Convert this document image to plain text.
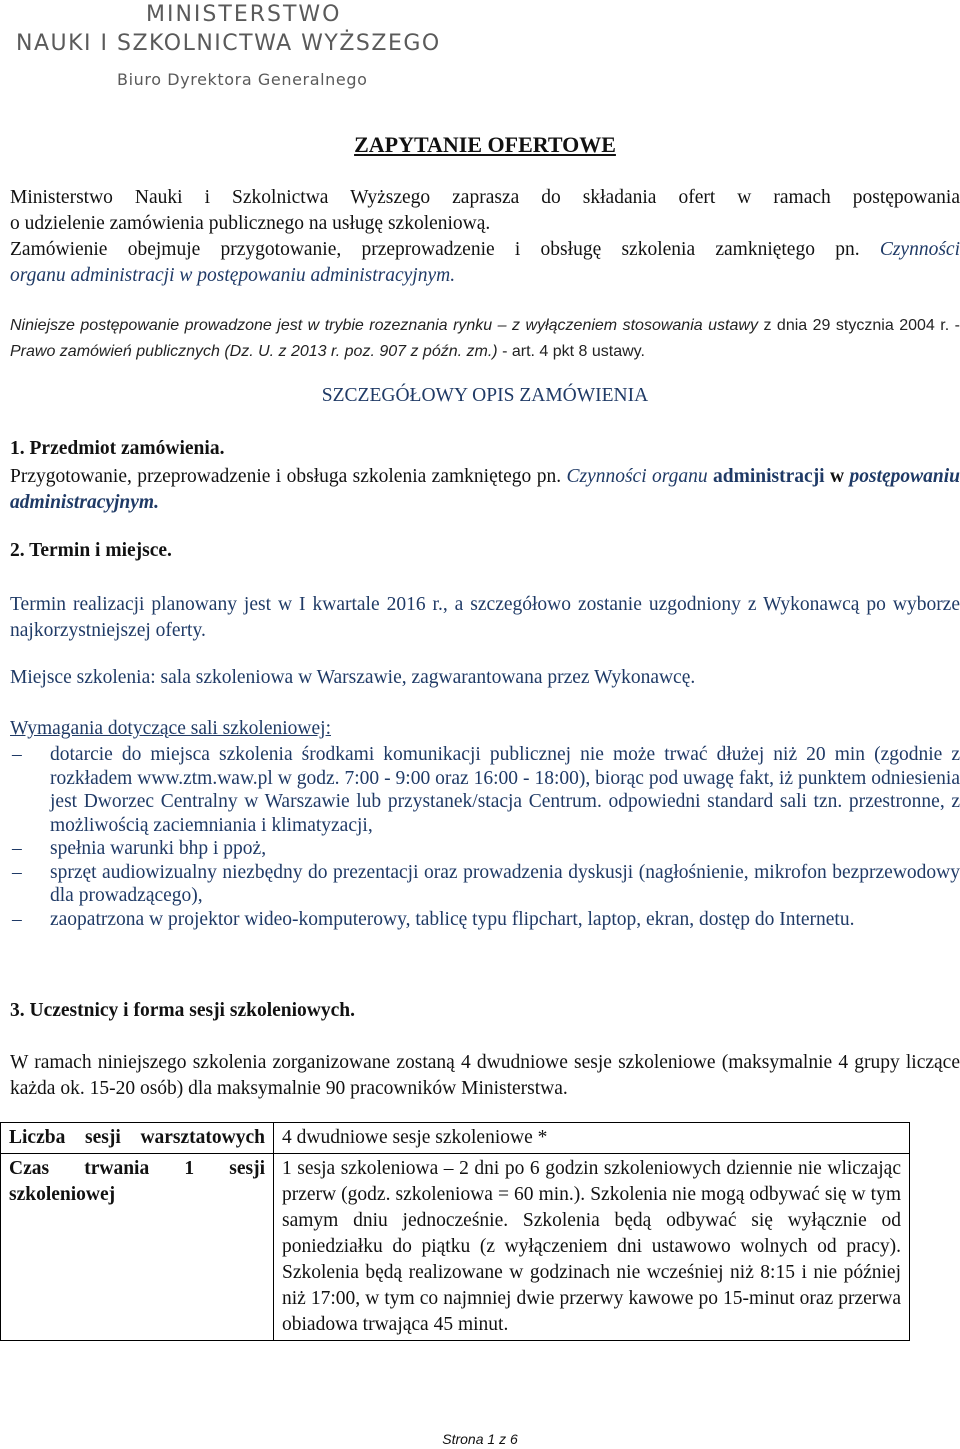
MINISTERSTWO
NAUKI I SZKOLNICTWA WYŻSZEGO
Biuro Dyrektora Generalnego
ZAPYTANIE OFERTOWE
Ministerstwo Nauki i Szkolnictwa Wyższego zaprasza do składania ofert w ramach postępowania
o udzielenie zamówienia publicznego na usługę szkoleniową.
Zamówienie obejmuje przygotowanie, przeprowadzenie i obsługę szkolenia zamkniętego pn. Czynności
organu administracji w postępowaniu administracyjnym.
Niniejsze postępowanie prowadzone jest w trybie rozeznania rynku – z wyłączeniem stosowania ustawy z dnia 29 stycznia 2004 r. - Prawo zamówień publicznych (Dz. U. z 2013 r. poz. 907 z późn. zm.) - art. 4 pkt 8 ustawy.
SZCZEGÓŁOWY OPIS ZAMÓWIENIA
1. Przedmiot zamówienia.
Przygotowanie, przeprowadzenie i obsługa szkolenia zamkniętego pn. Czynności organu administracji w postępowaniu administracyjnym.
2. Termin i miejsce.
Termin realizacji planowany jest w I kwartale 2016 r., a szczegółowo zostanie uzgodniony z Wykonawcą po wyborze najkorzystniejszej oferty.
Miejsce szkolenia: sala szkoleniowa w Warszawie, zagwarantowana przez Wykonawcę.
Wymagania dotyczące sali szkoleniowej:
– dotarcie do miejsca szkolenia środkami komunikacji publicznej nie może trwać dłużej niż 20 min (zgodnie z rozkładem www.ztm.waw.pl w godz. 7:00 - 9:00 oraz 16:00 - 18:00), biorąc pod uwagę fakt, iż punktem odniesienia jest Dworzec Centralny w Warszawie lub przystanek/stacja Centrum. odpowiedni standard sali tzn. przestronne, z możliwością zaciemniania i klimatyzacji,
– spełnia warunki bhp i ppoż,
– sprzęt audiowizualny niezbędny do prezentacji oraz prowadzenia dyskusji (nagłośnienie, mikrofon bezprzewodowy dla prowadzącego),
– zaopatrzona w projektor wideo-komputerowy, tablicę typu flipchart, laptop, ekran, dostęp do Internetu.
3. Uczestnicy i forma sesji szkoleniowych.
W ramach niniejszego szkolenia zorganizowane zostaną 4 dwudniowe sesje szkoleniowe (maksymalnie 4 grupy liczące każda ok. 15-20 osób) dla maksymalnie 90 pracowników Ministerstwa.
Liczba sesji warsztatowych	4 dwudniowe sesje szkoleniowe *
Czas trwania 1 sesji szkoleniowej	1 sesja szkoleniowa – 2 dni po 6 godzin szkoleniowych dziennie nie wliczając przerw (godz. szkoleniowa = 60 min.). Szkolenia nie mogą odbywać się w tym samym dniu jednocześnie. Szkolenia będą odbywać się wyłącznie od poniedziałku do piątku (z wyłączeniem dni ustawowo wolnych od pracy). Szkolenia będą realizowane w godzinach nie wcześniej niż 8:15 i nie później niż 17:00, w tym co najmniej dwie przerwy kawowe po 15-minut oraz przerwa obiadowa trwająca 45 minut.
Strona 1 z 6
